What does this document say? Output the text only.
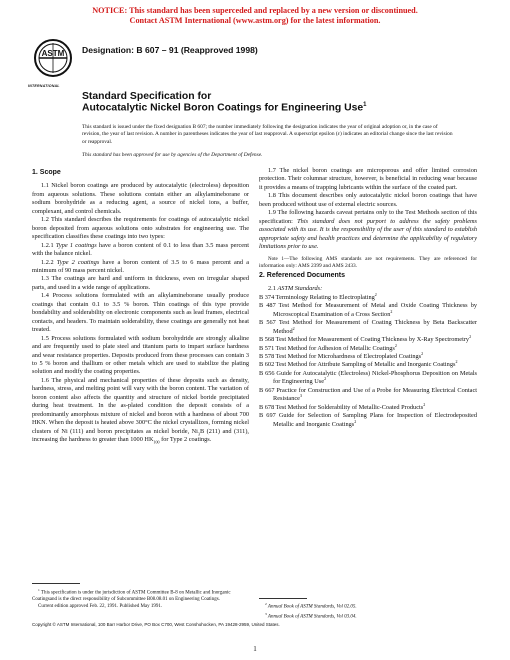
NOTICE: This standard has been superceded and replaced by a new version or discontinued.
Contact ASTM International (www.astm.org) for the latest information.
ASTM
INTERNATIONAL
Designation: B 607 – 91 (Reapproved 1998)
Standard Specification for
Autocatalytic Nickel Boron Coatings for Engineering Use$^1$
This standard is issued under the fixed designation B 607; the number immediately following the designation indicates the year of original adoption or, in the case of revision, the year of last revision. A number in parentheses indicates the year of last reapproval. A superscript epsilon (ε) indicates an editorial change since the last revision or reapproval.
This standard has been approved for use by agencies of the Department of Defense.
1. Scope

1.1 Nickel boron coatings are produced by autocatalytic (electroless) deposition from aqueous solutions. These solutions contain either an alkylamineborane or sodium borohydride as a reducing agent, a source of nickel ions, a buffer, complexant, and control chemicals.

1.2 This standard describes the requirements for coatings of autocatalytic nickel boron deposited from aqueous solutions onto substrates for engineering use. The specification classifies these coatings into two types:

1.2.1 Type 1 coatings have a boron content of 0.1 to less than 3.5 mass percent with the balance nickel.

1.2.2 Type 2 coatings have a boron content of 3.5 to 6 mass percent and a minimum of 90 mass percent nickel.

1.3 The coatings are hard and uniform in thickness, even on irregular shaped parts, and used in a wide range of applications.

1.4 Process solutions formulated with an alkylamineborane usually produce coatings that contain 0.1 to 3.5 % boron. Thin coatings of this type provide bondability and solderability on electronic components such as lead frames, electrical contacts, and headers. To maintain solderability, these coatings are generally not heat treated.

1.5 Process solutions formulated with sodium borohydride are strongly alkaline and are frequently used to plate steel and titanium parts to impart surface hardness and wear resistance properties. Deposits produced from these processes can contain 3 to 5 % boron and thallium or other metals which are used to stabilize the plating solution and modify the coating properties.

1.6 The physical and mechanical properties of these deposits such as density, hardness, stress, and melting point will vary with the boron content. The variation of boron content also affects the quantity and structure of nickel boride precipitated during heat treatment. In the as-plated condition the deposit consists of a predominantly amorphous mixture of nickel and boron with a hardness of about 700 HKN. When the deposit is heated above 300°C the nickel crystallizes, forming nickel clusters of Ni (111) and boron precipitates as nickel boride, $Ni_3B$ (211) and (311), increasing the hardness to greater than 1000 $HK_{100}$ for Type 2 coatings.

$^1$ This specification is under the jurisdiction of ASTM Committee B-8 on Metallic and Inorganic Coatingsand is the direct responsibility of Subcommittee B08.08.01 on Engineering Coatings.
Current edition approved Feb. 22, 1991. Published May 1991.

1.7 The nickel boron coatings are microporous and offer limited corrosion protection. Their columnar structure, however, is beneficial in reducing wear because it provides a means of trapping lubricants within the surface of the coated part.

1.8 This document describes only autocatalytic nickel boron coatings that have been produced without use of external electric sources.

1.9 The following hazards caveat pertains only to the Test Methods section of this specification: This standard does not purport to address the safety problems associated with its use. It is the responsibility of the user of this standard to establish appropriate safety and health practices and determine the applicability of regulatory limitations prior to use.

Note 1—The following AMS standards are not requirements. They are referenced for information only: AMS 2399 and AMS 2433.

2. Referenced Documents

2.1 ASTM Standards:

B 374 Terminology Relating to Electroplating$^2$

B 487 Test Method for Measurement of Metal and Oxide Coating Thickness by Microscopical Examination of a Cross Section$^2$

B 567 Test Method for Measurement of Coating Thickness by Beta Backscatter Method$^2$

B 568 Test Method for Measurement of Coating Thickness by X-Ray Spectrometry$^2$

B 571 Test Method for Adhesion of Metallic Coatings$^2$

B 578 Test Method for Microhardness of Electroplated Coatings$^2$

B 602 Test Method for Attribute Sampling of Metallic and Inorganic Coatings$^2$

B 656 Guide for Autocatalytic (Electroless) Nickel-Phosphorus Deposition on Metals for Engineering Use$^2$

B 667 Practice for Construction and Use of a Probe for Measuring Electrical Contact Resistance$^3$

B 678 Test Method for Solderability of Metallic-Coated Products$^2$

B 697 Guide for Selection of Sampling Plans for Inspection of Electrodeposited Metallic and Inorganic Coatings$^2$

$^2$ Annual Book of ASTM Standards, Vol 02.05.
$^3$ Annual Book of ASTM Standards, Vol 03.04.
Copyright © ASTM International, 100 Barr Harbor Drive, PO Box C700, West Conshohocken, PA 19428-2959, United States.
1
